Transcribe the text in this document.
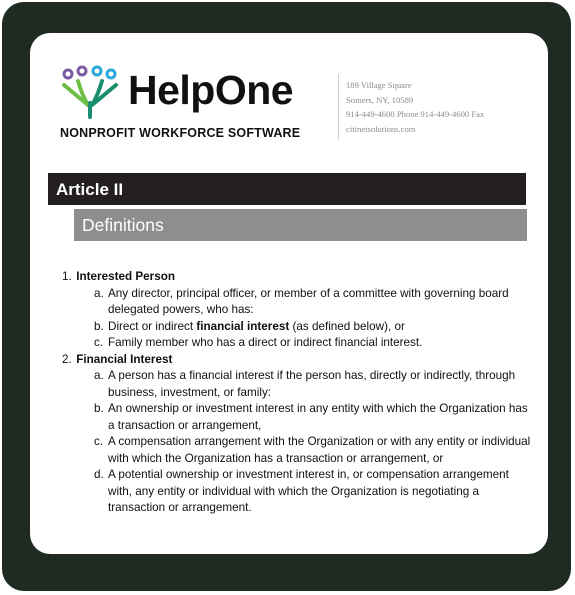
HelpOne
NONPROFIT WORKFORCE SOFTWARE
189 Village Square
Somers, NY, 10589
914-449-4600 Phone 914-449-4600 Fax
citinetsolutions.com
Article II
Definitions
1. Interested Person
a. Any director, principal officer, or member of a committee with governing board delegated powers, who has:
b. Direct or indirect financial interest (as defined below), or
c. Family member who has a direct or indirect financial interest.
2. Financial Interest
a. A person has a financial interest if the person has, directly or indirectly, through business, investment, or family:
b. An ownership or investment interest in any entity with which the Organization has a transaction or arrangement,
c. A compensation arrangement with the Organization or with any entity or individual with which the Organization has a transaction or arrangement, or
d. A potential ownership or investment interest in, or compensation arrangement with, any entity or individual with which the Organization is negotiating a transaction or arrangement.
